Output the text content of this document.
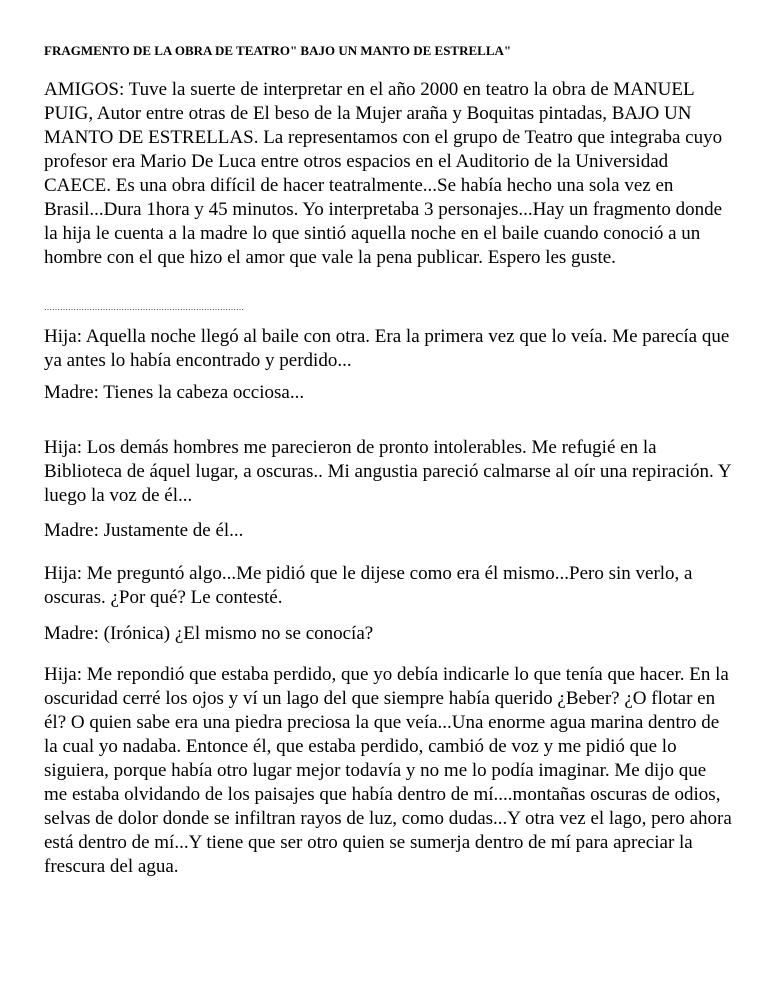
FRAGMENTO DE LA OBRA DE TEATRO" BAJO UN MANTO DE ESTRELLA"

AMIGOS: Tuve la suerte de interpretar en el año 2000 en teatro la obra de MANUEL PUIG, Autor entre otras de El beso de la Mujer araña y Boquitas pintadas, BAJO UN MANTO DE ESTRELLAS. La representamos con el grupo de Teatro que integraba cuyo profesor era Mario De Luca entre otros espacios en el Auditorio de la Universidad CAECE. Es una obra difícil de hacer teatralmente...Se había hecho una sola vez en Brasil...Dura 1hora y 45 minutos. Yo interpretaba 3 personajes...Hay un fragmento donde la hija le cuenta a la madre lo que sintió aquella noche en el baile cuando conoció a un hombre con el que hizo el amor que vale la pena publicar. Espero les guste.

…………………………………………………………………

Hija: Aquella noche llegó al baile con otra. Era la primera vez que lo veía. Me parecía que ya antes lo había encontrado y perdido...

Madre: Tienes la cabeza occiosa...

Hija: Los demás hombres me parecieron de pronto intolerables. Me refugié en la Biblioteca de áquel lugar, a oscuras.. Mi angustia pareció calmarse al oír una repiración. Y luego la voz de él...

Madre: Justamente de él...

Hija: Me preguntó algo...Me pidió que le dijese como era él mismo...Pero sin verlo, a oscuras. ¿Por qué? Le contesté.

Madre: (Irónica) ¿El mismo no se conocía?

Hija: Me repondió que estaba perdido, que yo debía indicarle lo que tenía que hacer. En la oscuridad cerré los ojos y ví un lago del que siempre había querido ¿Beber? ¿O flotar en él? O quien sabe era una piedra preciosa la que veía...Una enorme agua marina dentro de la cual yo nadaba. Entonce él, que estaba perdido, cambió de voz y me pidió que lo siguiera, porque había otro lugar mejor todavía y no me lo podía imaginar. Me dijo que me estaba olvidando de los paisajes que había dentro de mí....montañas oscuras de odios, selvas de dolor donde se infiltran rayos de luz, como dudas...Y otra vez el lago, pero ahora está dentro de mí...Y tiene que ser otro quien se sumerja dentro de mí para apreciar la frescura del agua.
